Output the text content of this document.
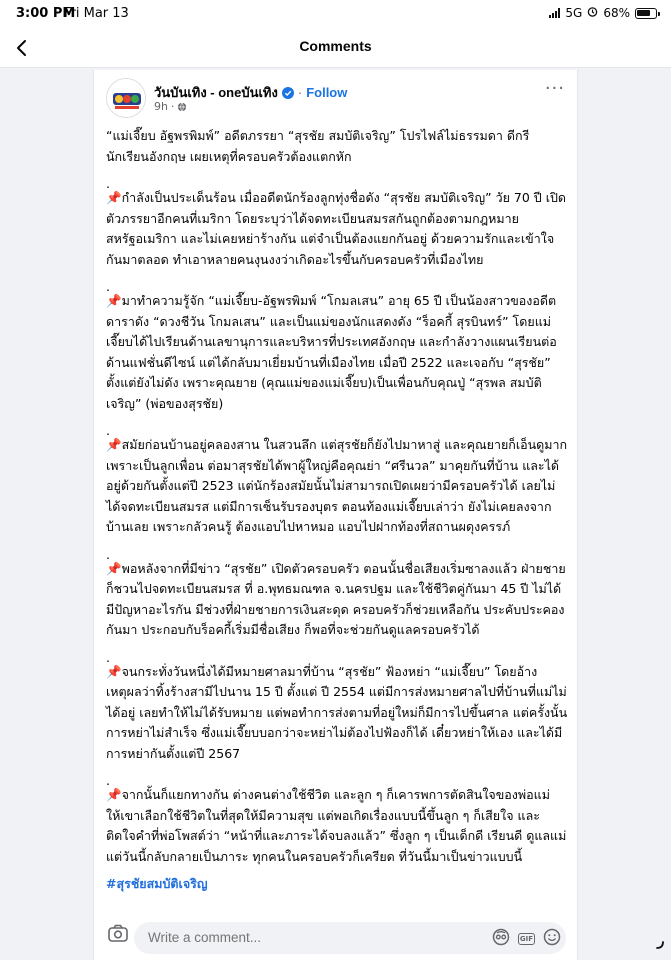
3:00 PM
Fri Mar 13	5G 68%
Comments
วันบันเทิง - oneบันเทิง · Follow
9h ·
···

“แม่เจี๊ยบ อัฐพรพิมพ์” อดีตภรรยา “สุรชัย สมบัติเจริญ” โปรไฟล์ไม่ธรรมดา ดีกรีนักเรียนอังกฤษ เผยเหตุที่ครอบครัวต้องแตกหัก

.

📌กำลังเป็นประเด็นร้อน เมื่ออดีตนักร้องลูกทุ่งชื่อดัง “สุรชัย สมบัติเจริญ” วัย 70 ปี เปิดตัวภรรยาอีกคนที่เมริกา โดยระบุว่าได้จดทะเบียนสมรสกันถูกต้องตามกฎหมายสหรัฐอเมริกา และไม่เคยหย่าร้างกัน แต่จำเป็นต้องแยกกันอยู่ ด้วยความรักและเข้าใจกันมาตลอด ทำเอาหลายคนงุนงงว่าเกิดอะไรขึ้นกับครอบครัวที่เมืองไทย

.

📌มาทำความรู้จัก “แม่เจี๊ยบ-อัฐพรพิมพ์ “โกมลเสน” อายุ 65 ปี เป็นน้องสาวของอดีตดาราดัง “ดวงชีวัน โกมลเสน” และเป็นแม่ของนักแสดงดัง “ร็อคกี้ สุรบินทร์” โดยแม่เจี๊ยบได้ไปเรียนด้านเลขานุการและบริหารที่ประเทศอังกฤษ และกำลังวางแผนเรียนต่อด้านแฟชั่นดีไซน์ แต่ได้กลับมาเยี่ยมบ้านที่เมืองไทย เมื่อปี 2522 และเจอกับ “สุรชัย” ตั้งแต่ยังไม่ดัง เพราะคุณยาย (คุณแม่ของแม่เจี๊ยบ)เป็นเพื่อนกับคุณปู่ “สุรพล สมบัติเจริญ” (พ่อของสุรชัย)

.

📌สมัยก่อนบ้านอยู่คลองสาน ในสวนลึก แต่สุรชัยก็ยังไปมาหาสู่ และคุณยายก็เอ็นดูมาก เพราะเป็นลูกเพื่อน ต่อมาสุรชัยได้พาผู้ใหญ่คือคุณย่า “ศรีนวล” มาคุยกันที่บ้าน และได้อยู่ด้วยกันตั้งแต่ปี 2523 แต่นักร้องสมัยนั้นไม่สามารถเปิดเผยว่ามีครอบครัวได้ เลยไม่ได้จดทะเบียนสมรส แต่มีการเซ็นรับรองบุตร ตอนท้องแม่เจี๊ยบเล่าว่า ยังไม่เคยลงจากบ้านเลย เพราะกลัวคนรู้ ต้องแอบไปหาหมอ แอบไปฝากท้องที่สถานผดุงครรภ์

.

📌พอหลังจากที่มีข่าว “สุรชัย” เปิดตัวครอบครัว ตอนนั้นชื่อเสียงเริ่มซาลงแล้ว ฝ่ายชายก็ชวนไปจดทะเบียนสมรส ที่ อ.พุทธมณฑล จ.นครปฐม และใช้ชีวิตคู่กันมา 45 ปี ไม่ได้มีปัญหาอะไรกัน มีช่วงที่ฝ่ายชายการเงินสะดุด ครอบครัวก็ช่วยเหลือกัน ประคับประคองกันมา ประกอบกับร็อคกี้เริ่มมีชื่อเสียง ก็พอที่จะช่วยกันดูแลครอบครัวได้

.

📌จนกระทั่งวันหนึ่งได้มีหมายศาลมาที่บ้าน “สุรชัย” ฟ้องหย่า “แม่เจี๊ยบ” โดยอ้างเหตุผลว่าทิ้งร้างสามีไปนาน 15 ปี ตั้งแต่ ปี 2554 แต่มีการส่งหมายศาลไปที่บ้านที่แม่ไม่ได้อยู่ เลยทำให้ไม่ได้รับหมาย แต่พอทำการส่งตามที่อยู่ใหม่ก็มีการไปขึ้นศาล แต่ครั้งนั้นการหย่าไม่สำเร็จ ซึ่งแม่เจี๊ยบบอกว่าจะหย่าไม่ต้องไปฟ้องก็ได้ เดี๋ยวหย่าให้เอง และได้มีการหย่ากันตั้งแต่ปี 2567

.

📌จากนั้นก็แยกทางกัน ต่างคนต่างใช้ชีวิต และลูก ๆ ก็เคารพการตัดสินใจของพ่อแม่ ให้เขาเลือกใช้ชีวิตในที่สุดให้มีความสุข แต่พอเกิดเรื่องแบบนี้ขึ้นลูก ๆ ก็เสียใจ และติดใจคำที่พ่อโพสต์ว่า “หน้าที่และภาระได้จบลงแล้ว” ซึ่งลูก ๆ เป็นเด็กดี เรียนดี ดูแลแม่ แต่วันนี้กลับกลายเป็นภาระ ทุกคนในครอบครัวก็เครียด ที่วันนี้มาเป็นข่าวแบบนี้

#สุรชัยสมบัติเจริญ

Write a comment...
GIF
